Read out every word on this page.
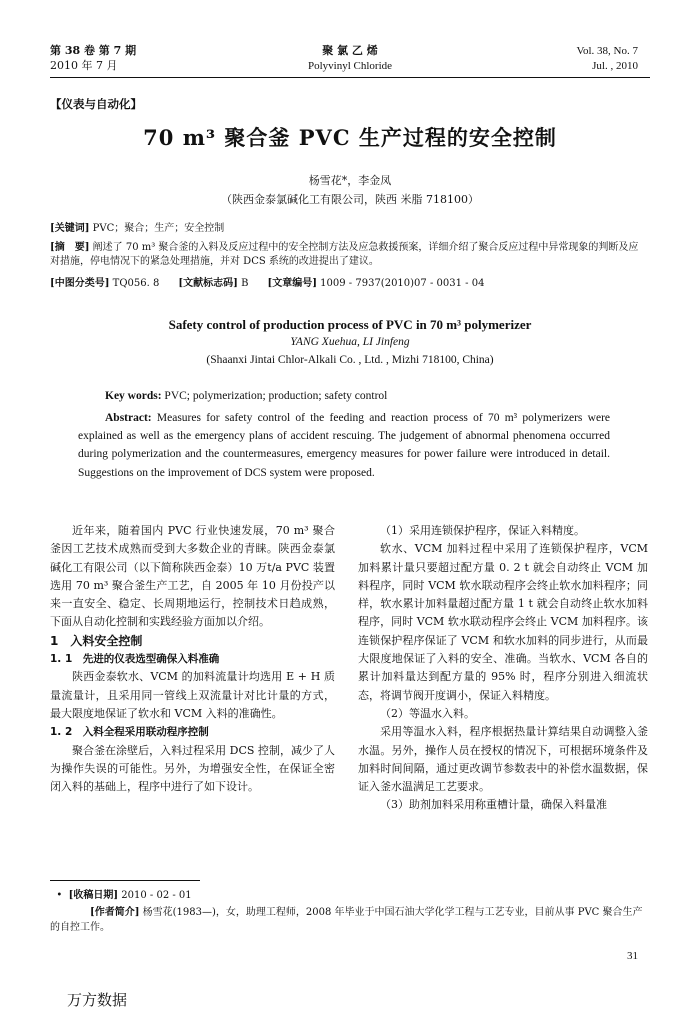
第 38 卷 第 7 期
2010 年 7 月
聚 氯 乙 烯
Polyvinyl Chloride
Vol. 38, No. 7
Jul. , 2010
【仪表与自动化】
70 m³ 聚合釜 PVC 生产过程的安全控制
杨雪花*，李金凤
（陕西金泰氯碱化工有限公司，陕西 米脂 718100）
[关键词] PVC；聚合；生产；安全控制
[摘　要] 阐述了 70 m³ 聚合釜的入料及反应过程中的安全控制方法及应急救援预案，详细介绍了聚合反应过程中异常现象的判断及应对措施，停电情况下的紧急处理措施，并对 DCS 系统的改进提出了建议。
[中图分类号] TQ056. 8 [文献标志码] B [文章编号] 1009 - 7937(2010)07 - 0031 - 04
Safety control of production process of PVC in 70 m³ polymerizer
YANG Xuehua, LI Jinfeng
(Shaanxi Jintai Chlor-Alkali Co. , Ltd. , Mizhi 718100, China)
Key words: PVC; polymerization; production; safety control
Abstract: Measures for safety control of the feeding and reaction process of 70 m³ polymerizers were explained as well as the emergency plans of accident rescuing. The judgement of abnormal phenomena occurred during polymerization and the countermeasures, emergency measures for power failure were introduced in detail. Suggestions on the improvement of DCS system were proposed.

近年来，随着国内 PVC 行业快速发展，70 m³ 聚合釜因工艺技术成熟而受到大多数企业的青睐。陕西金泰氯碱化工有限公司（以下简称陕西金泰）10 万t/a PVC 装置选用 70 m³ 聚合釜生产工艺，自 2005 年 10 月份投产以来一直安全、稳定、长周期地运行，控制技术日趋成熟，下面从自动化控制和实践经验方面加以介绍。

1　入料安全控制

1. 1　先进的仪表选型确保入料准确

陕西金泰软水、VCM 的加料流量计均选用 E + H 质量流量计，且采用同一管线上双流量计对比计量的方式，最大限度地保证了软水和 VCM 入料的准确性。

1. 2　入料全程采用联动程序控制

聚合釜在涂壁后，入料过程采用 DCS 控制，减少了人为操作失误的可能性。另外，为增强安全性，在保证全密闭入料的基础上，程序中进行了如下设计。

（1）采用连锁保护程序，保证入料精度。

软水、VCM 加料过程中采用了连锁保护程序，VCM 加料累计量只要超过配方量 0. 2 t 就会自动终止 VCM 加料程序，同时 VCM 软水联动程序会终止软水加料程序；同样，软水累计加料量超过配方量 1 t 就会自动终止软水加料程序，同时 VCM 软水联动程序会终止 VCM 加料程序。该连锁保护程序保证了 VCM 和软水加料的同步进行，从而最大限度地保证了入料的安全、准确。当软水、VCM 各自的累计加料量达到配方量的 95% 时，程序分别进入细流状态，将调节阀开度调小，保证入料精度。

（2）等温水入料。

采用等温水入料，程序根据热量计算结果自动调整入釜水温。另外，操作人员在授权的情况下，可根据环境条件及加料时间间隔，通过更改调节参数表中的补偿水温数据，保证入釜水温满足工艺要求。

（3）助剂加料采用称重槽计量，确保入料量准

•  [收稿日期] 2010 - 02 - 01
[作者简介] 杨雪花(1983—)，女，助理工程师，2008 年毕业于中国石油大学化学工程与工艺专业，目前从事 PVC 聚合生产的自控工作。
31
万方数据
